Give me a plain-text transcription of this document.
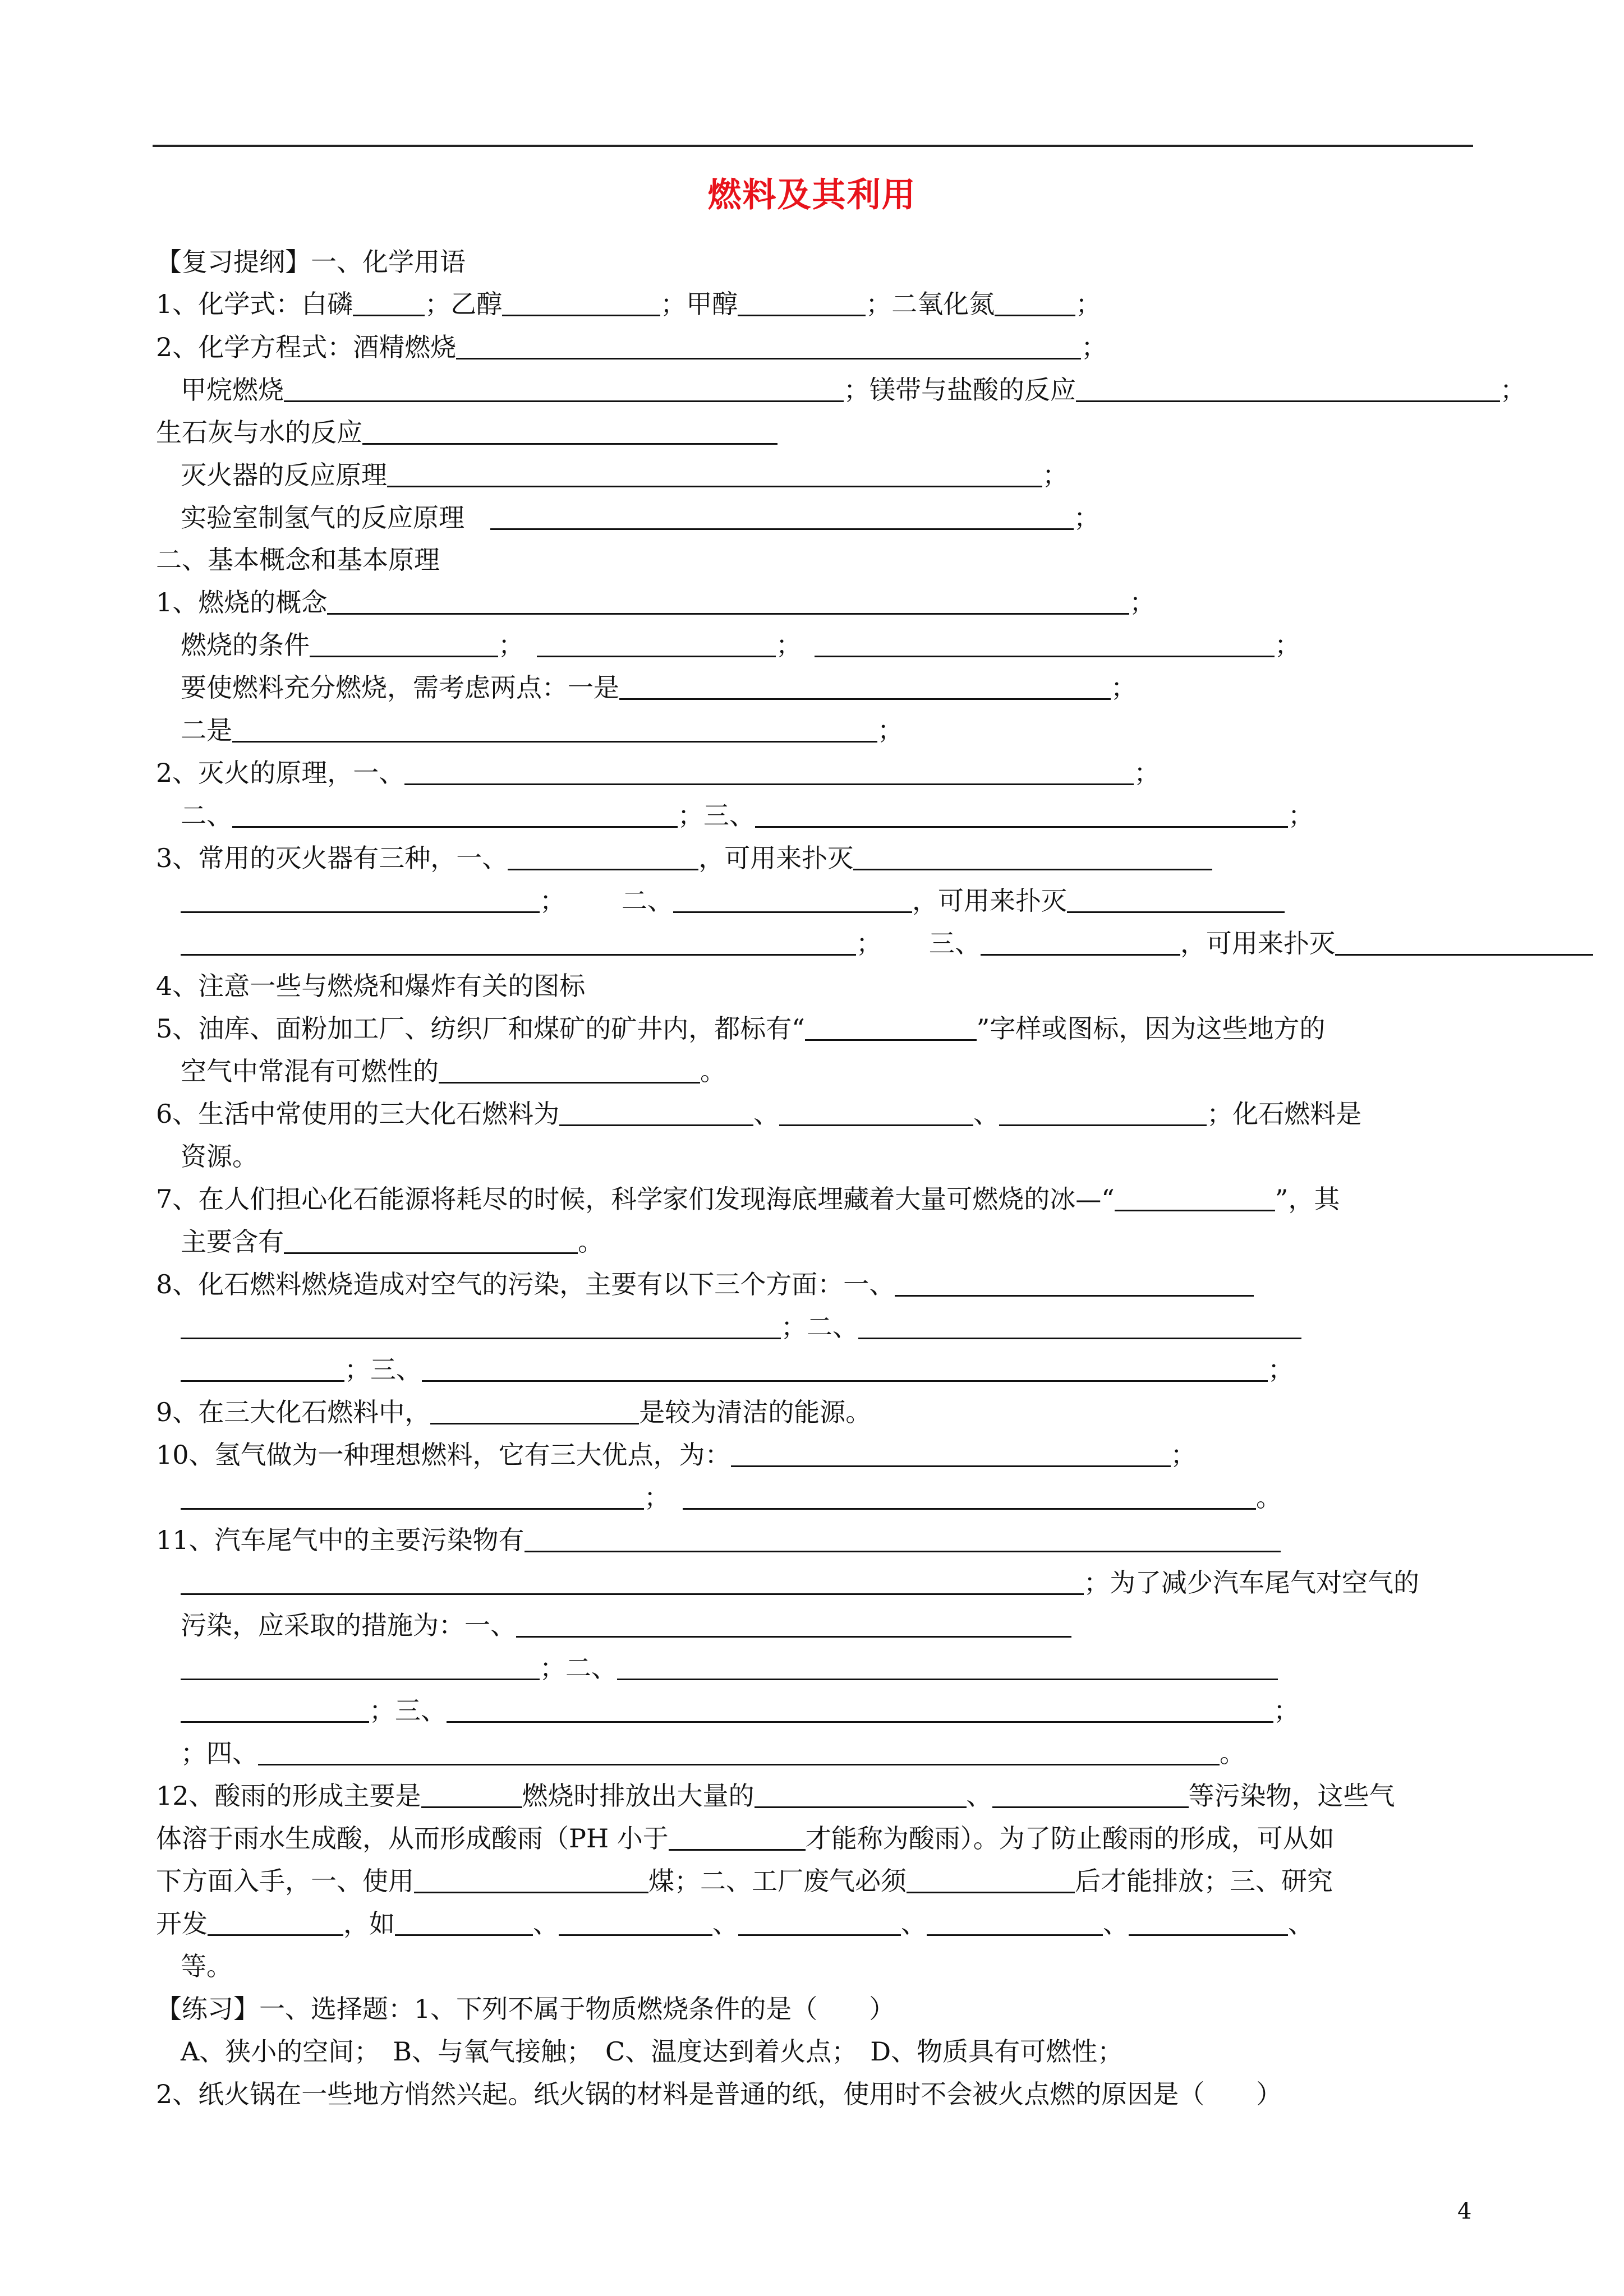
燃料及其利用
【复习提纲】一、化学用语
1、化学式：白磷	；乙醇	；甲醇	；二氧化氮	；
2、化学方程式：酒精燃烧	；
甲烷燃烧	；镁带与盐酸的反应	；
生石灰与水的反应
灭火器的反应原理	；
实验室制氢气的反应原理　	；
二、基本概念和基本原理
1、燃烧的概念	；
燃烧的条件	；　	；　	；
要使燃料充分燃烧，需考虑两点：一是	；
二是	；
2、灭火的原理，一、	；
二、	；三、	；
3、常用的灭火器有三种，一、	，可用来扑灭
； 二、	，可用来扑灭
； 三、	，可用来扑灭
4、注意一些与燃烧和爆炸有关的图标
5、油库、面粉加工厂、纺织厂和煤矿的矿井内，都标有“	”字样或图标，因为这些地方的
空气中常混有可燃性的	。
6、生活中常使用的三大化石燃料为	、	、	；化石燃料是
资源。
7、在人们担心化石能源将耗尽的时候，科学家们发现海底埋藏着大量可燃烧的冰—“	”，其
主要含有	。
8、化石燃料燃烧造成对空气的污染，主要有以下三个方面：一、
；二、
；三、	；
9、在三大化石燃料中，	是较为清洁的能源。
10、氢气做为一种理想燃料，它有三大优点，为：	；
；　	。
11、汽车尾气中的主要污染物有
；为了减少汽车尾气对空气的
污染，应采取的措施为：一、
；二、
；三、	；
；四、	。
12、酸雨的形成主要是	燃烧时排放出大量的	、	等污染物，这些气
体溶于雨水生成酸，从而形成酸雨（PH 小于	才能称为酸雨）。为了防止酸雨的形成，可从如
下方面入手，一、使用	煤；二、工厂废气必须	后才能排放；三、研究
开发	，如	、	、	、	、	、
等。
【练习】一、选择题：1、下列不属于物质燃烧条件的是（　　）
A、狭小的空间；　B、与氧气接触；　C、温度达到着火点；　D、物质具有可燃性；
2、纸火锅在一些地方悄然兴起。纸火锅的材料是普通的纸，使用时不会被火点燃的原因是（　　）
4
